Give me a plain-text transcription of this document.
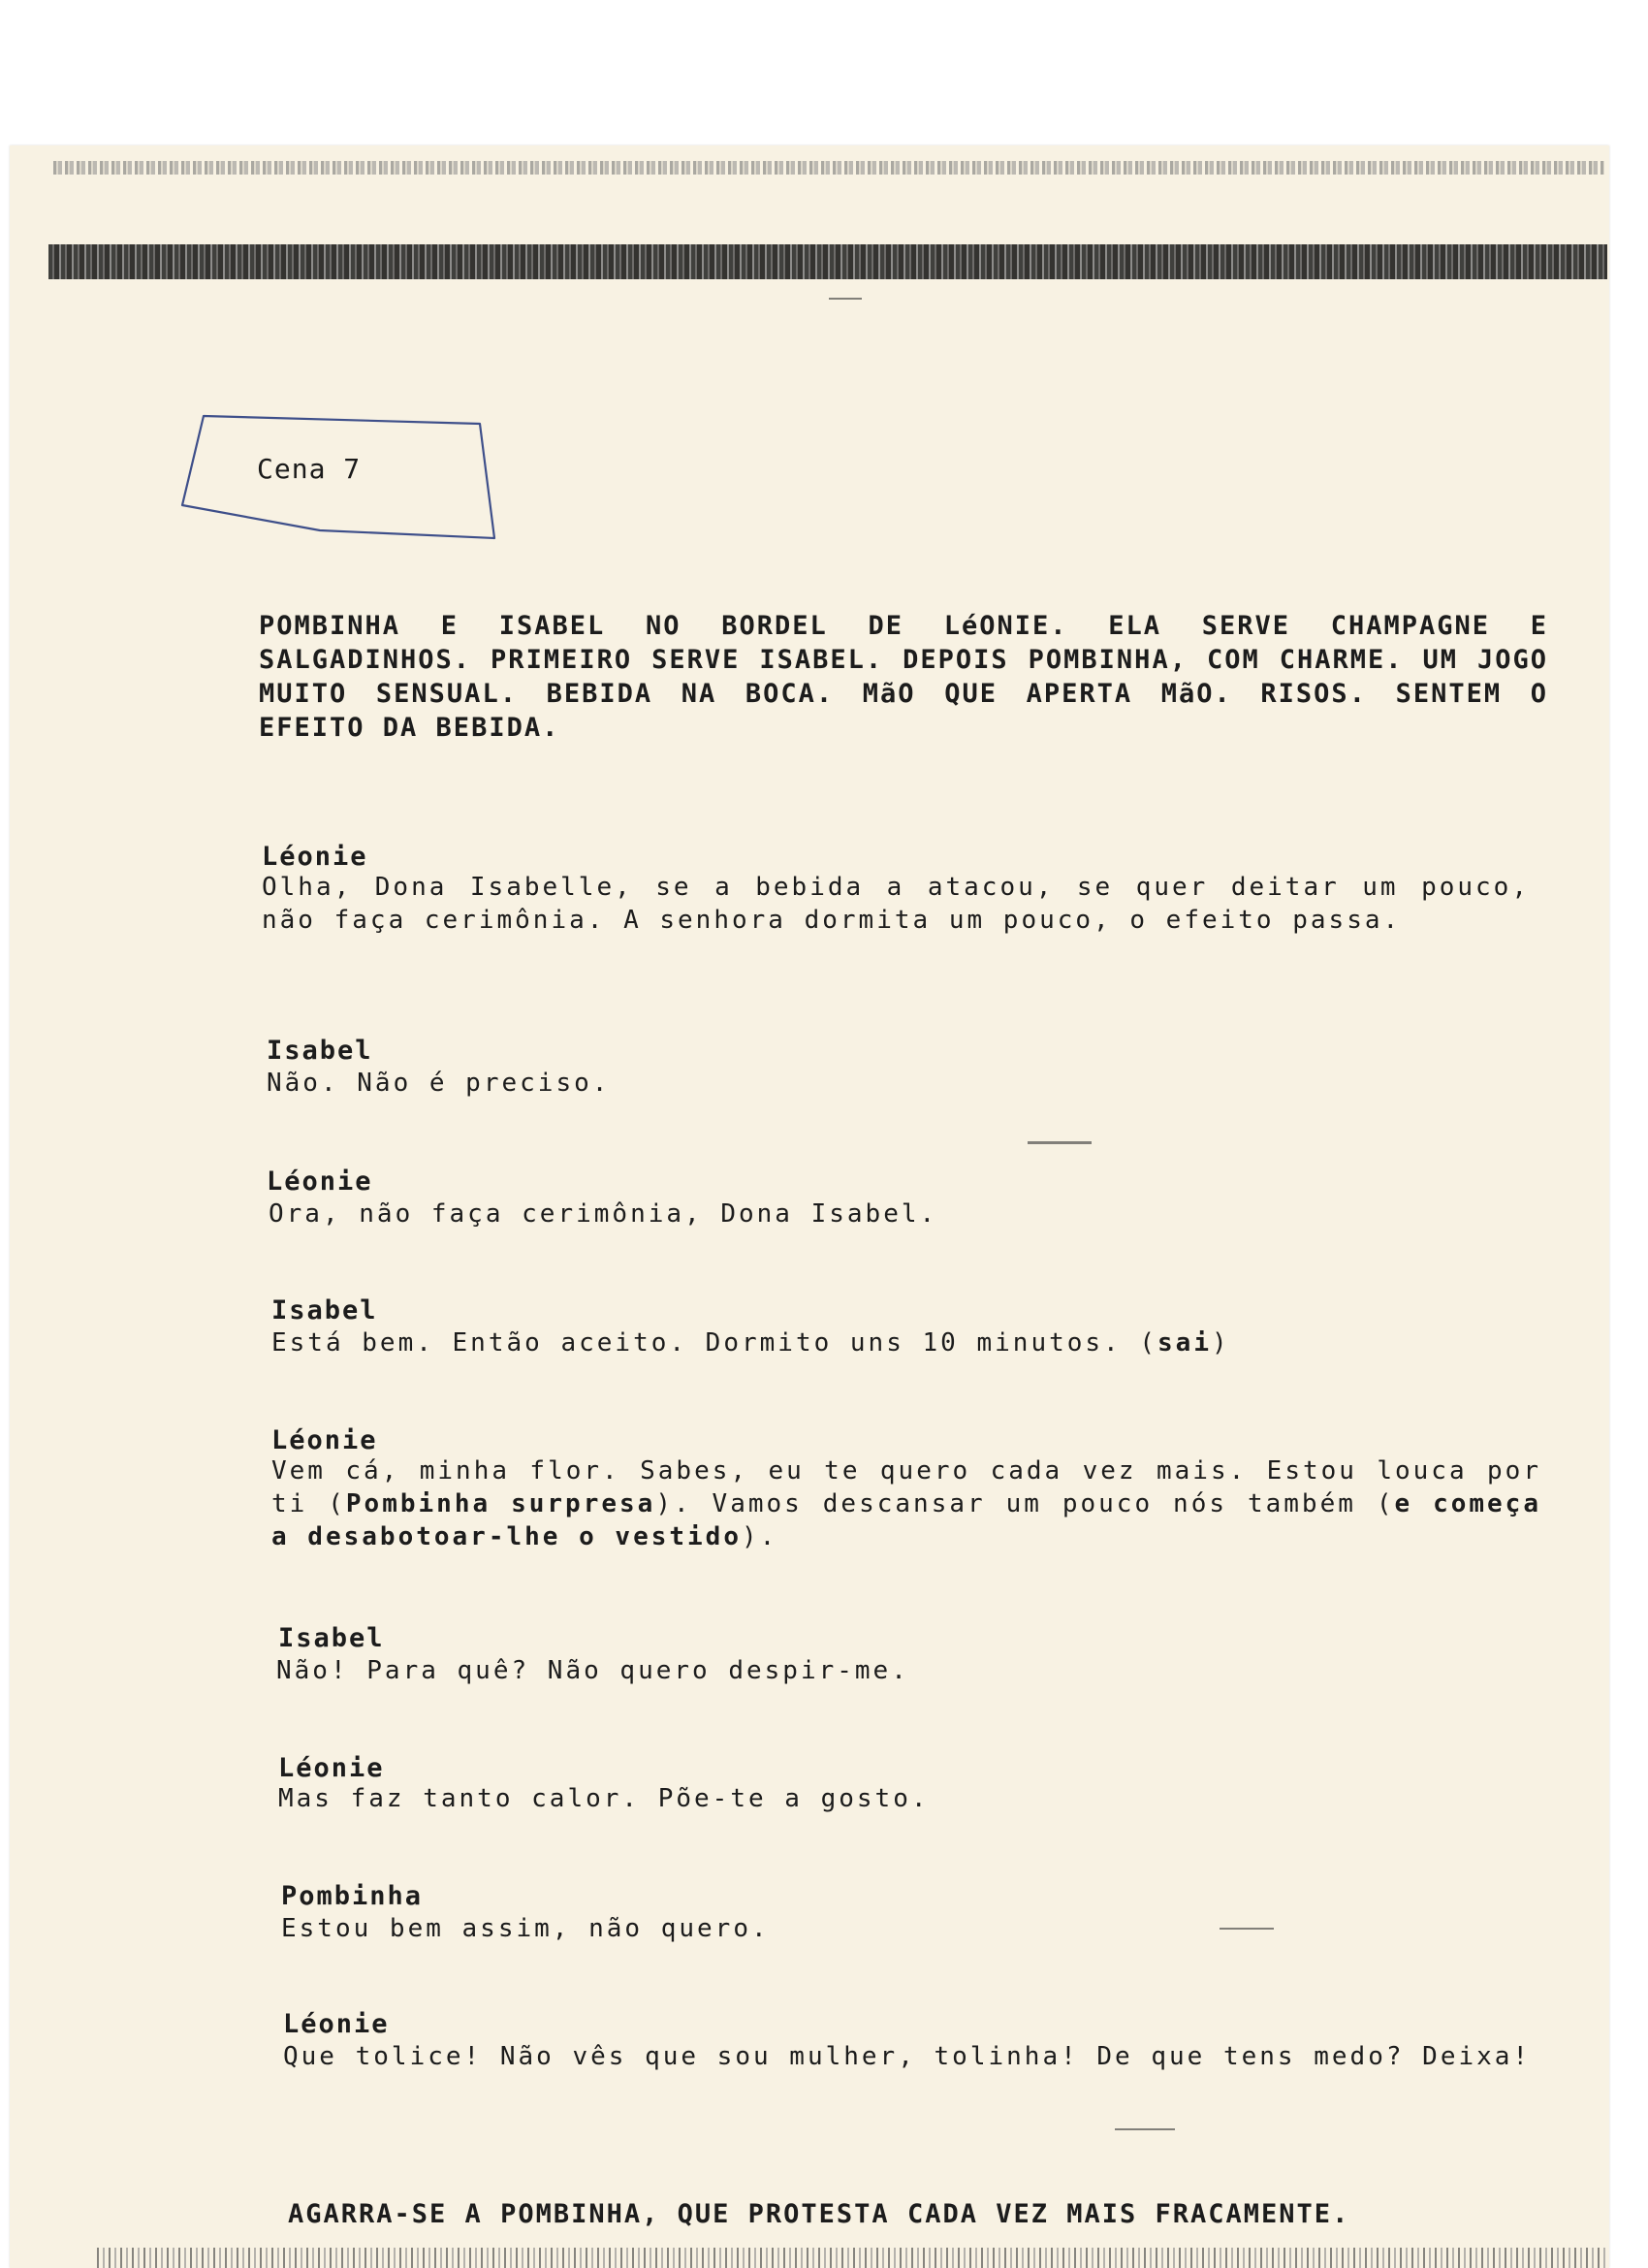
Cena 7

POMBINHA E ISABEL NO BORDEL DE LéONIE. ELA SERVE CHAMPAGNE E SALGADINHOS. PRIMEIRO SERVE ISABEL. DEPOIS POMBINHA, COM CHARME. UM JOGO MUITO SENSUAL. BEBIDA NA BOCA. MãO QUE APERTA MãO. RISOS. SENTEM O EFEITO DA BEBIDA.

Léonie

Olha, Dona Isabelle, se a bebida a atacou, se quer deitar um pouco, não faça cerimônia. A senhora dormita um pouco, o efeito passa.

Isabel

Não. Não é preciso.

Léonie

Ora, não faça cerimônia, Dona Isabel.

Isabel

Está bem. Então aceito. Dormito uns 10 minutos. (sai)

Léonie

Vem cá, minha flor. Sabes, eu te quero cada vez mais. Estou louca por ti (Pombinha surpresa). Vamos descansar um pouco nós também (e começa a desabotoar-lhe o vestido).

Isabel

Não! Para quê? Não quero despir-me.

Léonie

Mas faz tanto calor. Põe-te a gosto.

Pombinha

Estou bem assim, não quero.

Léonie

Que tolice! Não vês que sou mulher, tolinha! De que tens medo? Deixa!

AGARRA-SE A POMBINHA, QUE PROTESTA CADA VEZ MAIS FRACAMENTE.
